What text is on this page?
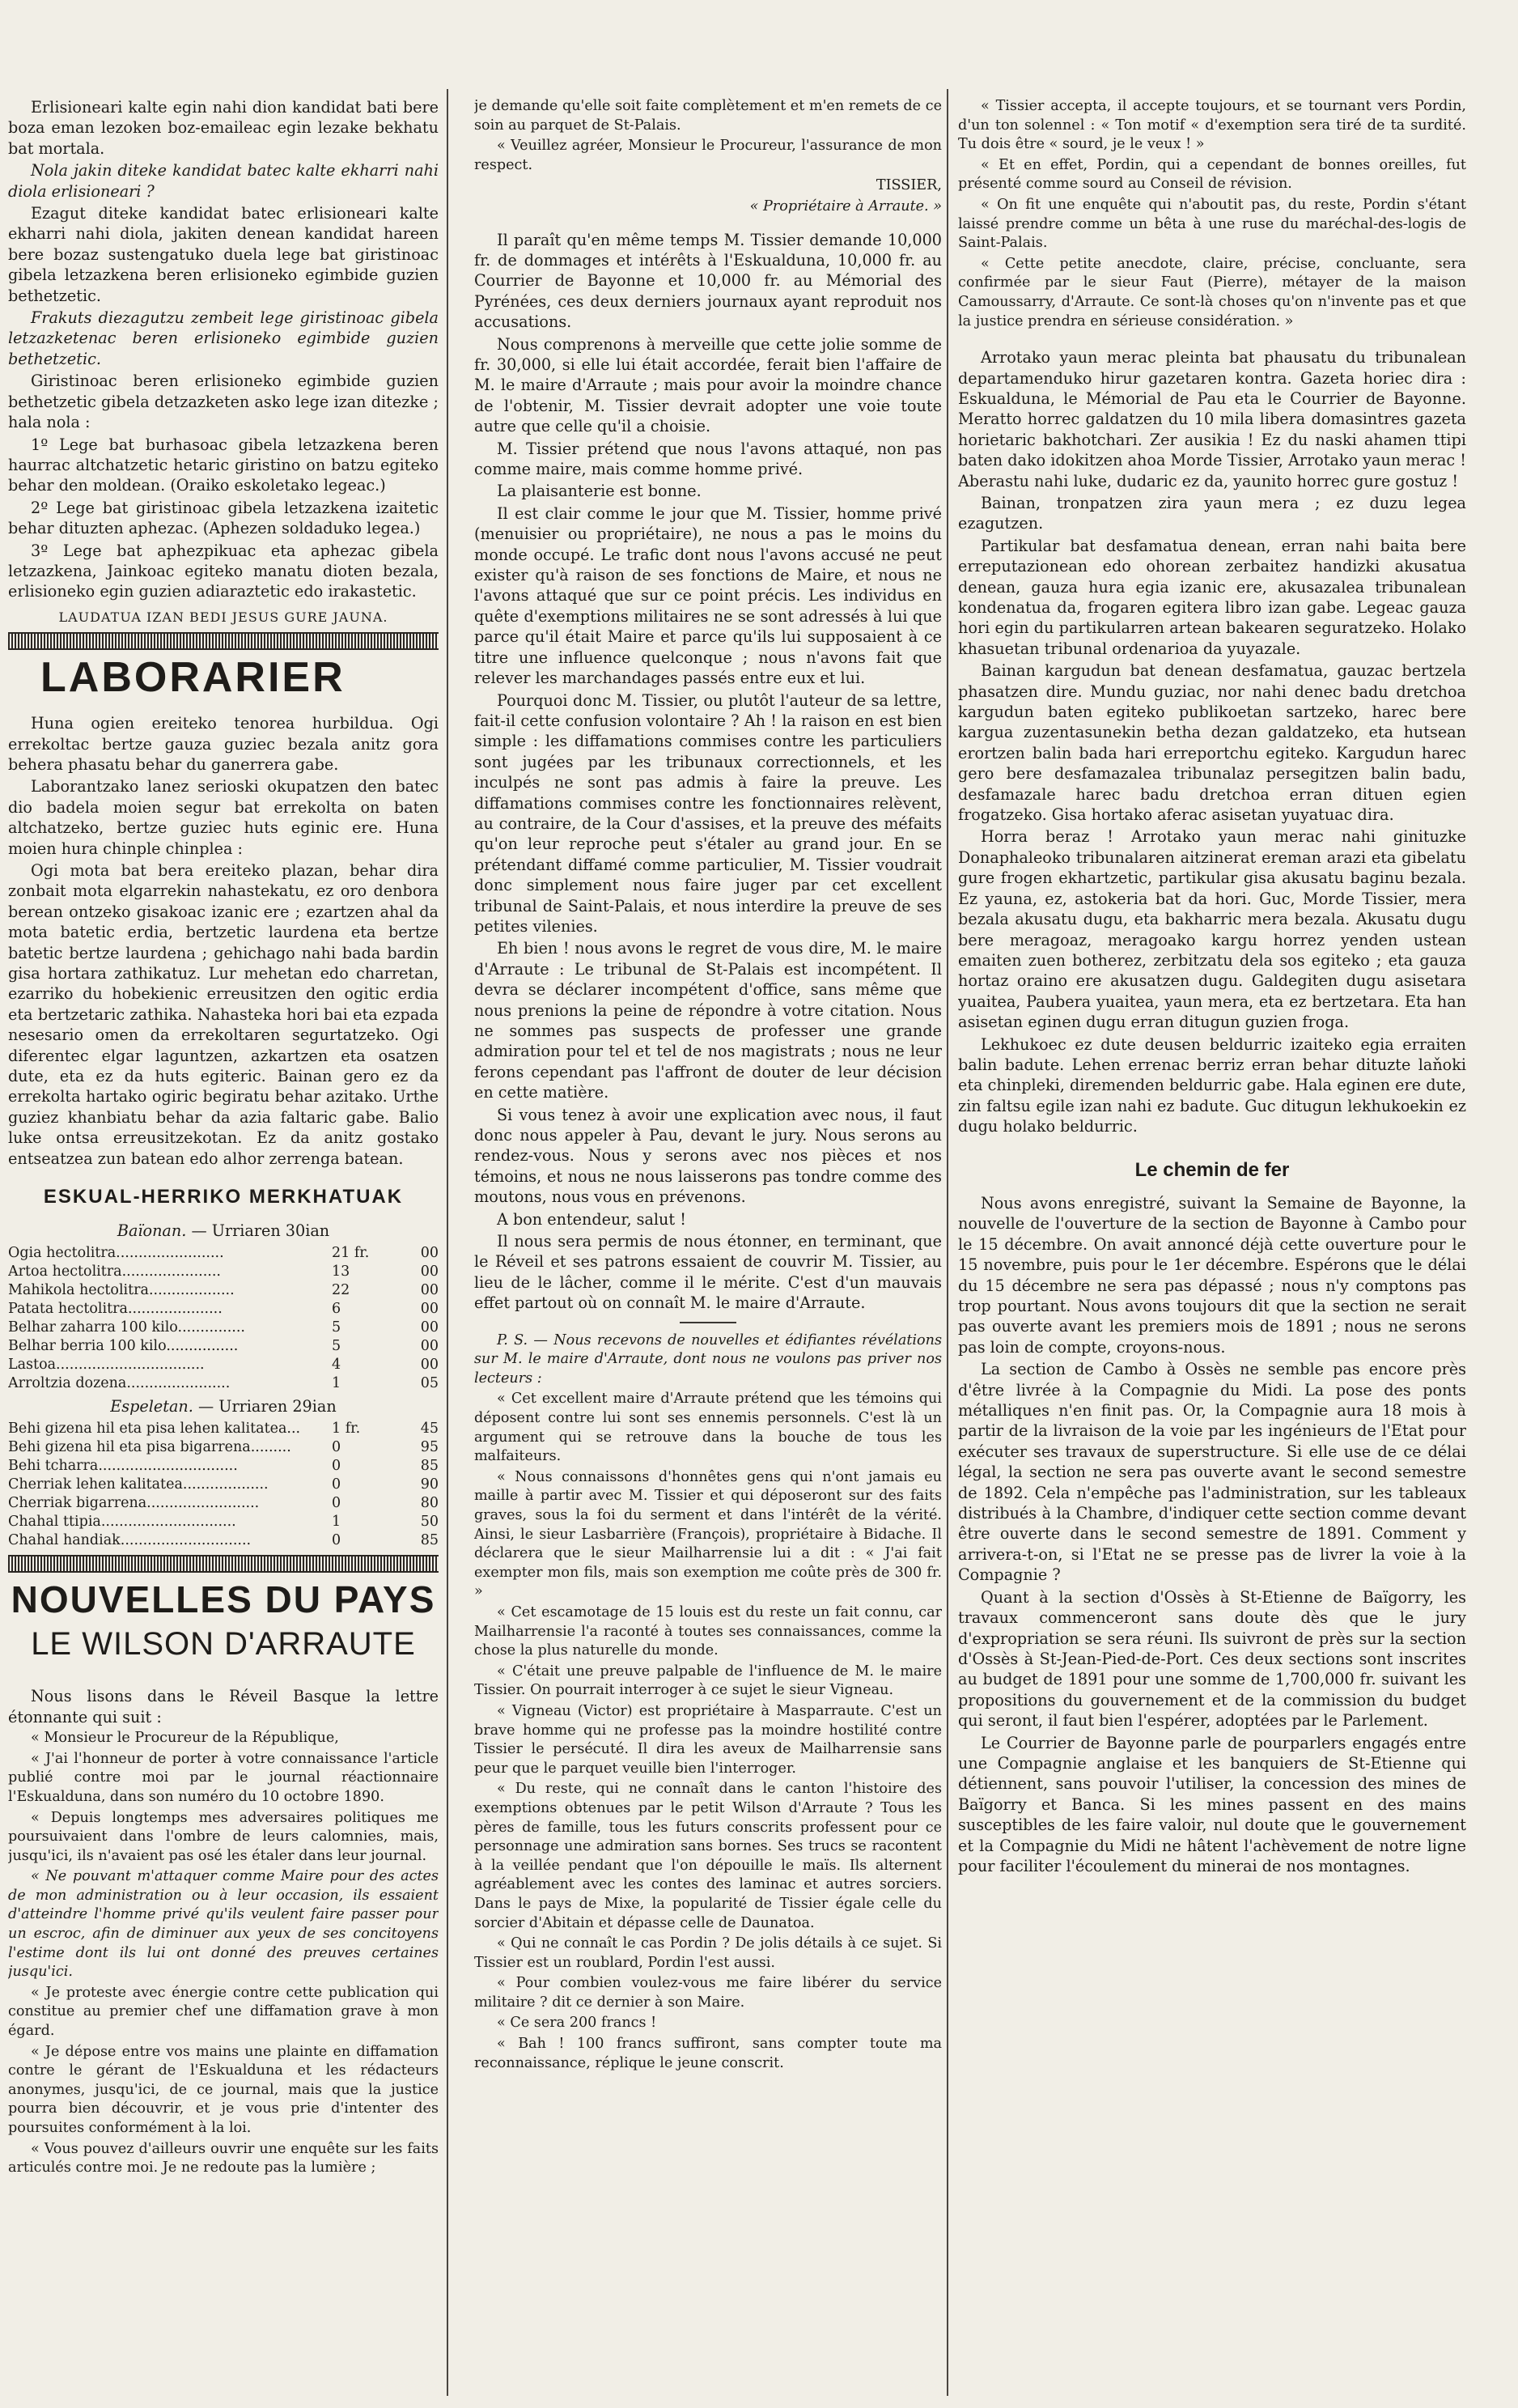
Erlisioneari kalte egin nahi dion kandidat bati bere boza eman lezoken boz-emaileac egin lezake bekhatu bat mortala.

Nola jakin diteke kandidat batec kalte ekharri nahi diola erlisioneari ?

Ezagut diteke kandidat batec erlisioneari kalte ekharri nahi diola, jakiten denean kandidat hareen bere bozaz sustengatuko duela lege bat giristinoac gibela letzazkena beren erlisioneko egimbide guzien bethetzetic.

Frakuts diezagutzu zembeit lege giristinoac gibela letzazketenac beren erlisioneko egimbide guzien bethetzetic.

Giristinoac beren erlisioneko egimbide guzien bethetzetic gibela detzazketen asko lege izan ditezke ; hala nola :

1º Lege bat burhasoac gibela letzazkena beren haurrac altchatzetic hetaric giristino on batzu egiteko behar den moldean. (Oraiko eskoletako legeac.)

2º Lege bat giristinoac gibela letzazkena izaitetic behar dituzten aphezac. (Aphezen soldaduko legea.)

3º Lege bat aphezpikuac eta aphezac gibela letzazkena, Jainkoac egiteko manatu dioten bezala, erlisioneko egin guzien adiaraztetic edo irakastetic.

LAUDATUA IZAN BEDI JESUS GURE JAUNA.

LABORARIER

Huna ogien ereiteko tenorea hurbildua. Ogi errekoltac bertze gauza guziec bezala anitz gora behera phasatu behar du ganerrera gabe.

Laborantzako lanez serioski okupatzen den batec dio badela moien segur bat errekolta on baten altchatzeko, bertze guziec huts eginic ere. Huna moien hura chinple chinplea :

Ogi mota bat bera ereiteko plazan, behar dira zonbait mota elgarrekin nahastekatu, ez oro denbora berean ontzeko gisakoac izanic ere ; ezartzen ahal da mota batetic erdia, bertzetic laurdena eta bertze batetic bertze laurdena ; gehichago nahi bada bardin gisa hortara zathikatuz. Lur mehetan edo charretan, ezarriko du hobekienic erreusitzen den ogitic erdia eta bertzetaric zathika. Nahasteka hori bai eta ezpada nesesario omen da errekoltaren segurtatzeko. Ogi diferentec elgar laguntzen, azkartzen eta osatzen dute, eta ez da huts egiteric. Bainan gero ez da errekolta hartako ogiric begiratu behar azitako. Urthe guziez khanbiatu behar da azia faltaric gabe. Balio luke ontsa erreusitzekotan. Ez da anitz gostako entseatzea zun batean edo alhor zerrenga batean.

ESKUAL-HERRIKO MERKHATUAK

Baïonan. — Urriaren 30ian

Ogia hectolitra........................	21 fr.	00
Artoa hectolitra......................	13	00
Mahikola hectolitra...................	22	00
Patata hectolitra.....................	6	00
Belhar zaharra 100 kilo...............	5	00
Belhar berria 100 kilo................	5	00
Lastoa.................................	4	00
Arroltzia dozena.......................	1	05

Espeletan. — Urriaren 29ian

Behi gizena hil eta pisa lehen kalitatea...	1 fr.	45
Behi gizena hil eta pisa bigarrena.........	0	95
Behi tcharra...............................	0	85
Cherriak lehen kalitatea...................	0	90
Cherriak bigarrena.........................	0	80
Chahal ttipia..............................	1	50
Chahal handiak.............................	0	85
NOUVELLES DU PAYS
LE WILSON D'ARRAUTE

Nous lisons dans le Réveil Basque la lettre étonnante qui suit :

« Monsieur le Procureur de la République,

« J'ai l'honneur de porter à votre connaissance l'article publié contre moi par le journal réactionnaire l'Eskualduna, dans son numéro du 10 octobre 1890.

« Depuis longtemps mes adversaires politiques me poursuivaient dans l'ombre de leurs calomnies, mais, jusqu'ici, ils n'avaient pas osé les étaler dans leur journal.

« Ne pouvant m'attaquer comme Maire pour des actes de mon administration ou à leur occasion, ils essaient d'atteindre l'homme privé qu'ils veulent faire passer pour un escroc, afin de diminuer aux yeux de ses concitoyens l'estime dont ils lui ont donné des preuves certaines jusqu'ici.

« Je proteste avec énergie contre cette publication qui constitue au premier chef une diffamation grave à mon égard.

« Je dépose entre vos mains une plainte en diffamation contre le gérant de l'Eskualduna et les rédacteurs anonymes, jusqu'ici, de ce journal, mais que la justice pourra bien découvrir, et je vous prie d'intenter des poursuites conformément à la loi.

« Vous pouvez d'ailleurs ouvrir une enquête sur les faits articulés contre moi. Je ne redoute pas la lumière ;

je demande qu'elle soit faite complètement et m'en remets de ce soin au parquet de St-Palais.

« Veuillez agréer, Monsieur le Procureur, l'assurance de mon respect.

TISSIER,

« Propriétaire à Arraute. »

Il paraît qu'en même temps M. Tissier demande 10,000 fr. de dommages et intérêts à l'Eskualduna, 10,000 fr. au Courrier de Bayonne et 10,000 fr. au Mémorial des Pyrénées, ces deux derniers journaux ayant reproduit nos accusations.

Nous comprenons à merveille que cette jolie somme de fr. 30,000, si elle lui était accordée, ferait bien l'affaire de M. le maire d'Arraute ; mais pour avoir la moindre chance de l'obtenir, M. Tissier devrait adopter une voie toute autre que celle qu'il a choisie.

M. Tissier prétend que nous l'avons attaqué, non pas comme maire, mais comme homme privé.

La plaisanterie est bonne.

Il est clair comme le jour que M. Tissier, homme privé (menuisier ou propriétaire), ne nous a pas le moins du monde occupé. Le trafic dont nous l'avons accusé ne peut exister qu'à raison de ses fonctions de Maire, et nous ne l'avons attaqué que sur ce point précis. Les individus en quête d'exemptions militaires ne se sont adressés à lui que parce qu'il était Maire et parce qu'ils lui supposaient à ce titre une influence quelconque ; nous n'avons fait que relever les marchandages passés entre eux et lui.

Pourquoi donc M. Tissier, ou plutôt l'auteur de sa lettre, fait-il cette confusion volontaire ? Ah ! la raison en est bien simple : les diffamations commises contre les particuliers sont jugées par les tribunaux correctionnels, et les inculpés ne sont pas admis à faire la preuve. Les diffamations commises contre les fonctionnaires relèvent, au contraire, de la Cour d'assises, et la preuve des méfaits qu'on leur reproche peut s'étaler au grand jour. En se prétendant diffamé comme particulier, M. Tissier voudrait donc simplement nous faire juger par cet excellent tribunal de Saint-Palais, et nous interdire la preuve de ses petites vilenies.

Eh bien ! nous avons le regret de vous dire, M. le maire d'Arraute : Le tribunal de St-Palais est incompétent. Il devra se déclarer incompétent d'office, sans même que nous prenions la peine de répondre à votre citation. Nous ne sommes pas suspects de professer une grande admiration pour tel et tel de nos magistrats ; nous ne leur ferons cependant pas l'affront de douter de leur décision en cette matière.

Si vous tenez à avoir une explication avec nous, il faut donc nous appeler à Pau, devant le jury. Nous serons au rendez-vous. Nous y serons avec nos pièces et nos témoins, et nous ne nous laisserons pas tondre comme des moutons, nous vous en prévenons.

A bon entendeur, salut !

Il nous sera permis de nous étonner, en terminant, que le Réveil et ses patrons essaient de couvrir M. Tissier, au lieu de le lâcher, comme il le mérite. C'est d'un mauvais effet partout où on connaît M. le maire d'Arraute.

P. S. — Nous recevons de nouvelles et édifiantes révélations sur M. le maire d'Arraute, dont nous ne voulons pas priver nos lecteurs :

« Cet excellent maire d'Arraute prétend que les témoins qui déposent contre lui sont ses ennemis personnels. C'est là un argument qui se retrouve dans la bouche de tous les malfaiteurs.

« Nous connaissons d'honnêtes gens qui n'ont jamais eu maille à partir avec M. Tissier et qui déposeront sur des faits graves, sous la foi du serment et dans l'intérêt de la vérité. Ainsi, le sieur Lasbarrière (François), propriétaire à Bidache. Il déclarera que le sieur Mailharrensie lui a dit : « J'ai fait exempter mon fils, mais son exemption me coûte près de 300 fr. »

« Cet escamotage de 15 louis est du reste un fait connu, car Mailharrensie l'a raconté à toutes ses connaissances, comme la chose la plus naturelle du monde.

« C'était une preuve palpable de l'influence de M. le maire Tissier. On pourrait interroger à ce sujet le sieur Vigneau.

« Vigneau (Victor) est propriétaire à Masparraute. C'est un brave homme qui ne professe pas la moindre hostilité contre Tissier le persécuté. Il dira les aveux de Mailharrensie sans peur que le parquet veuille bien l'interroger.

« Du reste, qui ne connaît dans le canton l'histoire des exemptions obtenues par le petit Wilson d'Arraute ? Tous les pères de famille, tous les futurs conscrits professent pour ce personnage une admiration sans bornes. Ses trucs se racontent à la veillée pendant que l'on dépouille le maïs. Ils alternent agréablement avec les contes des laminac et autres sorciers. Dans le pays de Mixe, la popularité de Tissier égale celle du sorcier d'Abitain et dépasse celle de Daunatoa.

« Qui ne connaît le cas Pordin ? De jolis détails à ce sujet. Si Tissier est un roublard, Pordin l'est aussi.

« Pour combien voulez-vous me faire libérer du service militaire ? dit ce dernier à son Maire.

« Ce sera 200 francs !

« Bah ! 100 francs suffiront, sans compter toute ma reconnaissance, réplique le jeune conscrit.

« Tissier accepta, il accepte toujours, et se tournant vers Pordin, d'un ton solennel : « Ton motif « d'exemption sera tiré de ta surdité. Tu dois être « sourd, je le veux ! »

« Et en effet, Pordin, qui a cependant de bonnes oreilles, fut présenté comme sourd au Conseil de révision.

« On fit une enquête qui n'aboutit pas, du reste, Pordin s'étant laissé prendre comme un bêta à une ruse du maréchal-des-logis de Saint-Palais.

« Cette petite anecdote, claire, précise, concluante, sera confirmée par le sieur Faut (Pierre), métayer de la maison Camoussarry, d'Arraute. Ce sont-là choses qu'on n'invente pas et que la justice prendra en sérieuse considération. »

Arrotako yaun merac pleinta bat phausatu du tribunalean departamenduko hirur gazetaren kontra. Gazeta horiec dira : Eskualduna, le Mémorial de Pau eta le Courrier de Bayonne. Meratto horrec galdatzen du 10 mila libera domasintres gazeta horietaric bakhotchari. Zer ausikia ! Ez du naski ahamen ttipi baten dako idokitzen ahoa Morde Tissier, Arrotako yaun merac ! Aberastu nahi luke, dudaric ez da, yaunito horrec gure gostuz !

Bainan, tronpatzen zira yaun mera ; ez duzu legea ezagutzen.

Partikular bat desfamatua denean, erran nahi baita bere erreputazionean edo ohorean zerbaitez handizki akusatua denean, gauza hura egia izanic ere, akusazalea tribunalean kondenatua da, frogaren egitera libro izan gabe. Legeac gauza hori egin du partikularren artean bakearen seguratzeko. Holako khasuetan tribunal ordenarioa da yuyazale.

Bainan kargudun bat denean desfamatua, gauzac bertzela phasatzen dire. Mundu guziac, nor nahi denec badu dretchoa kargudun baten egiteko publikoetan sartzeko, harec bere kargua zuzentasunekin betha dezan galdatzeko, eta hutsean erortzen balin bada hari erreportchu egiteko. Kargudun harec gero bere desfamazalea tribunalaz persegitzen balin badu, desfamazale harec badu dretchoa erran dituen egien frogatzeko. Gisa hortako aferac asisetan yuyatuac dira.

Horra beraz ! Arrotako yaun merac nahi ginituzke Donaphaleoko tribunalaren aitzinerat ereman arazi eta gibelatu gure frogen ekhartzetic, partikular gisa akusatu baginu bezala. Ez yauna, ez, astokeria bat da hori. Guc, Morde Tissier, mera bezala akusatu dugu, eta bakharric mera bezala. Akusatu dugu bere meragoaz, meragoako kargu horrez yenden ustean emaiten zuen botherez, zerbitzatu dela sos egiteko ; eta gauza hortaz oraino ere akusatzen dugu. Galdegiten dugu asisetara yuaitea, Paubera yuaitea, yaun mera, eta ez bertzetara. Eta han asisetan eginen dugu erran ditugun guzien froga.

Lekhukoec ez dute deusen beldurric izaiteko egia erraiten balin badute. Lehen errenac berriz erran behar dituzte laňoki eta chinpleki, diremenden beldurric gabe. Hala eginen ere dute, zin faltsu egile izan nahi ez badute. Guc ditugun lekhukoekin ez dugu holako beldurric.

Le chemin de fer

Nous avons enregistré, suivant la Semaine de Bayonne, la nouvelle de l'ouverture de la section de Bayonne à Cambo pour le 15 décembre. On avait annoncé déjà cette ouverture pour le 15 novembre, puis pour le 1er décembre. Espérons que le délai du 15 décembre ne sera pas dépassé ; nous n'y comptons pas trop pourtant. Nous avons toujours dit que la section ne serait pas ouverte avant les premiers mois de 1891 ; nous ne serons pas loin de compte, croyons-nous.

La section de Cambo à Ossès ne semble pas encore près d'être livrée à la Compagnie du Midi. La pose des ponts métalliques n'en finit pas. Or, la Compagnie aura 18 mois à partir de la livraison de la voie par les ingénieurs de l'Etat pour exécuter ses travaux de superstructure. Si elle use de ce délai légal, la section ne sera pas ouverte avant le second semestre de 1892. Cela n'empêche pas l'administration, sur les tableaux distribués à la Chambre, d'indiquer cette section comme devant être ouverte dans le second semestre de 1891. Comment y arrivera-t-on, si l'Etat ne se presse pas de livrer la voie à la Compagnie ?

Quant à la section d'Ossès à St-Etienne de Baïgorry, les travaux commenceront sans doute dès que le jury d'expropriation se sera réuni. Ils suivront de près sur la section d'Ossès à St-Jean-Pied-de-Port. Ces deux sections sont inscrites au budget de 1891 pour une somme de 1,700,000 fr. suivant les propositions du gouvernement et de la commission du budget qui seront, il faut bien l'espérer, adoptées par le Parlement.

Le Courrier de Bayonne parle de pourparlers engagés entre une Compagnie anglaise et les banquiers de St-Etienne qui détiennent, sans pouvoir l'utiliser, la concession des mines de Baïgorry et Banca. Si les mines passent en des mains susceptibles de les faire valoir, nul doute que le gouvernement et la Compagnie du Midi ne hâtent l'achèvement de notre ligne pour faciliter l'écoulement du minerai de nos montagnes.
